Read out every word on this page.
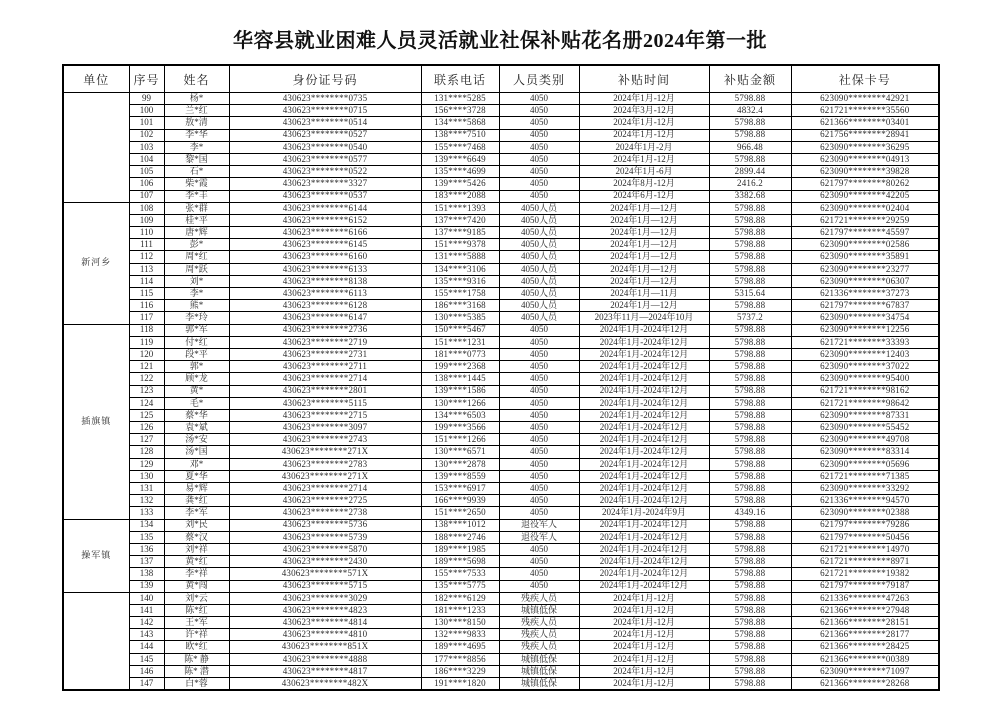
华容县就业困难人员灵活就业社保补贴花名册2024年第一批
单位	序号	姓名	身份证号码	联系电话	人员类别	补贴时间	补贴金额	社保卡号
	99	杨*	430623********0735	131****5285	4050	2024年1月-12月	5798.88	623090********42921
	100	兰*红	430623********0715	156****3728	4050	2024年3月-12月	4832.4	621721********35560
	101	敖*清	430623********0514	134****5868	4050	2024年1月-12月	5798.88	621366********03401
	102	李*华	430623********0527	138****7510	4050	2024年1月-12月	5798.88	621756********28941
	103	李*	430623********0540	155****7468	4050	2024年1月-2月	966.48	623090********36295
	104	黎*国	430623********0577	139****6649	4050	2024年1月-12月	5798.88	623090********04913
	105	石*	430623********0522	135****4699	4050	2024年1月-6月	2899.44	623090********39828
	106	柴*霞	430623********3327	139****5426	4050	2024年8月-12月	2416.2	621797********80262
	107	李*丰	430623********0537	183****2088	4050	2024年6月-12月	3382.68	623090********42205
新河乡	108	张*群	430623********6144	151****1393	4050人员	2024年1月—12月	5798.88	623090********02404
	109	桂*平	430623********6152	137****7420	4050人员	2024年1月—12月	5798.88	621721********29259
	110	唐*辉	430623********6166	137****9185	4050人员	2024年1月—12月	5798.88	621797********45597
	111	彭*	430623********6145	151****9378	4050人员	2024年1月—12月	5798.88	623090********02586
	112	周*红	430623********6160	131****5888	4050人员	2024年1月—12月	5798.88	623090********35891
	113	周*跃	430623********6133	134****3106	4050人员	2024年1月—12月	5798.88	623090********23277
	114	刘*	430623********8138	135****9316	4050人员	2024年1月—12月	5798.88	623090********06307
	115	李*	430623********6113	155****1758	4050人员	2024年1月—11月	5315.64	621336********37273
	116	熊*	430623********6128	186****3168	4050人员	2024年1月—12月	5798.88	621797********67837
	117	李*玲	430623********6147	130****5385	4050人员	2023年11月—2024年10月	5737.2	623090********34754
插旗镇	118	郭*军	430623********2736	150****5467	4050	2024年1月-2024年12月	5798.88	623090********12256
	119	付*红	430623********2719	151****1231	4050	2024年1月-2024年12月	5798.88	621721********33393
	120	段*平	430623********2731	181****0773	4050	2024年1月-2024年12月	5798.88	623090********12403
	121	郭*	430623********2711	199****2368	4050	2024年1月-2024年12月	5798.88	623090********37022
	122	顾*龙	430623********2714	138****1445	4050	2024年1月-2024年12月	5798.88	623090********95400
	123	黄*	430623********2801	139****1586	4050	2024年1月-2024年12月	5798.88	621721********98162
	124	毛*	430623********5115	130****1266	4050	2024年1月-2024年12月	5798.88	621721********98642
	125	蔡*华	430623********2715	134****6503	4050	2024年1月-2024年12月	5798.88	623090********87331
	126	袁*斌	430623********3097	199****3566	4050	2024年1月-2024年12月	5798.88	623090********55452
	127	汤*安	430623********2743	151****1266	4050	2024年1月-2024年12月	5798.88	623090********49708
	128	汤*国	430623********271X	130****6571	4050	2024年1月-2024年12月	5798.88	623090********83314
	129	邓*	430623********2783	130****2878	4050	2024年1月-2024年12月	5798.88	623090********05696
	130	夏*华	430623********271X	139****8559	4050	2024年1月-2024年12月	5798.88	621721********71385
	131	易*辉	430623********2714	153****6917	4050	2024年1月-2024年12月	5798.88	623090********33292
	132	龚*红	430623********2725	166****9939	4050	2024年1月-2024年12月	5798.88	621336********94570
	133	李*军	430623********2738	151****2650	4050	2024年1月-2024年9月	4349.16	623090********02388
操军镇	134	刘*民	430623********5736	138****1012	退役军人	2024年1月-2024年12月	5798.88	621797********79286
	135	蔡*汉	430623********5739	188****2746	退役军人	2024年1月-2024年12月	5798.88	621797********50456
	136	刘*祥	430623********5870	189****1985	4050	2024年1月-2024年12月	5798.88	621721********14970
	137	黄*红	430623********2430	189****5698	4050	2024年1月-2024年12月	5798.88	621721*********8971
	138	李*祥	430623********571X	155****7533	4050	2024年1月-2024年12月	5798.88	621721********19382
	139	黄*闯	430623********5715	135****5775	4050	2024年1月-2024年12月	5798.88	621797********79187
	140	刘*云	430623********3029	182****6129	残疾人员	2024年1月-12月	5798.88	621336********47263
	141	陈*红	430623********4823	181****1233	城镇低保	2024年1月-12月	5798.88	621366********27948
	142	王*军	430623********4814	130****8150	残疾人员	2024年1月-12月	5798.88	621366********28151
	143	许*祥	430623********4810	132****9833	残疾人员	2024年1月-12月	5798.88	621366********28177
	144	欧*红	430623********851X	189****4695	残疾人员	2024年1月-12月	5798.88	621366********28425
	145	陈* 静	430623********4888	177****8856	城镇低保	2024年1月-12月	5798.88	621366********00389
	146	陈* 潜	430623********4817	186****3229	城镇低保	2024年1月-12月	5798.88	623090********71097
	147	白*蓉	430623********482X	191****1820	城镇低保	2024年1月-12月	5798.88	621366********28268
